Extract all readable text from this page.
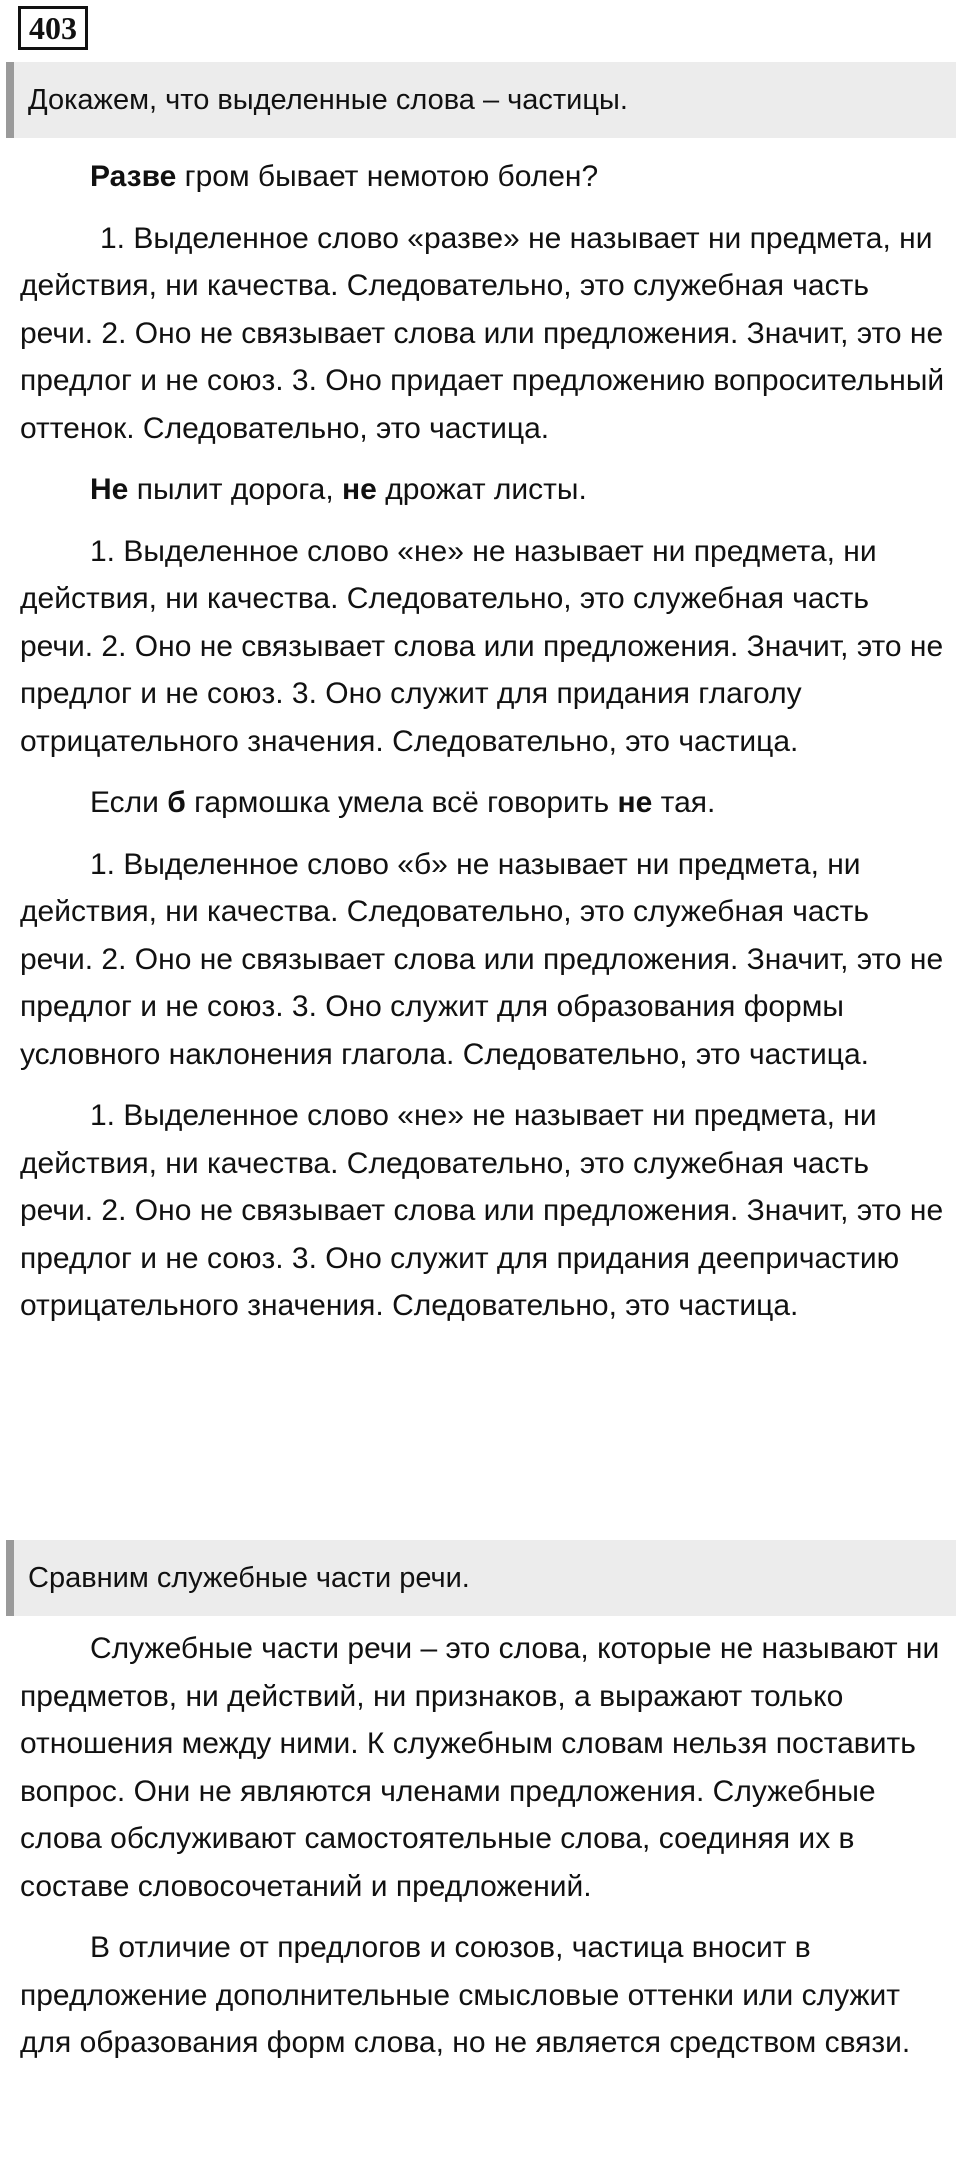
403
Докажем, что выделенные слова – частицы.

Разве гром бывает немотою болен?

1. Выделенное слово «разве» не называет ни предмета, ни действия, ни качества. Следовательно, это служебная часть речи. 2. Оно не связывает слова или предложения. Значит, это не предлог и не союз. 3. Оно придает предложению вопросительный оттенок. Следовательно, это частица.

Не пылит дорога, не дрожат листы.

1. Выделенное слово «не» не называет ни предмета, ни действия, ни качества. Следовательно, это служебная часть речи. 2. Оно не связывает слова или предложения. Значит, это не предлог и не союз. 3. Оно служит для придания глаголу отрицательного значения. Следовательно, это частица.

Если б гармошка умела всё говорить не тая.

1. Выделенное слово «б» не называет ни предмета, ни действия, ни качества. Следовательно, это служебная часть речи. 2. Оно не связывает слова или предложения. Значит, это не предлог и не союз. 3. Оно служит для образования формы условного наклонения глагола. Следовательно, это частица.

1. Выделенное слово «не» не называет ни предмета, ни действия, ни качества. Следовательно, это служебная часть речи. 2. Оно не связывает слова или предложения. Значит, это не предлог и не союз. 3. Оно служит для придания деепричастию отрицательного значения. Следовательно, это частица.

Сравним служебные части речи.

Служебные части речи – это слова, которые не называют ни предметов, ни действий, ни признаков, а выражают только отношения между ними. К служебным словам нельзя поставить вопрос. Они не являются членами предложения. Служебные слова обслуживают самостоятельные слова, соединяя их в составе словосочетаний и предложений.

В отличие от предлогов и союзов, частица вносит в предложение дополнительные смысловые оттенки или служит для образования форм слова, но не является средством связи.
